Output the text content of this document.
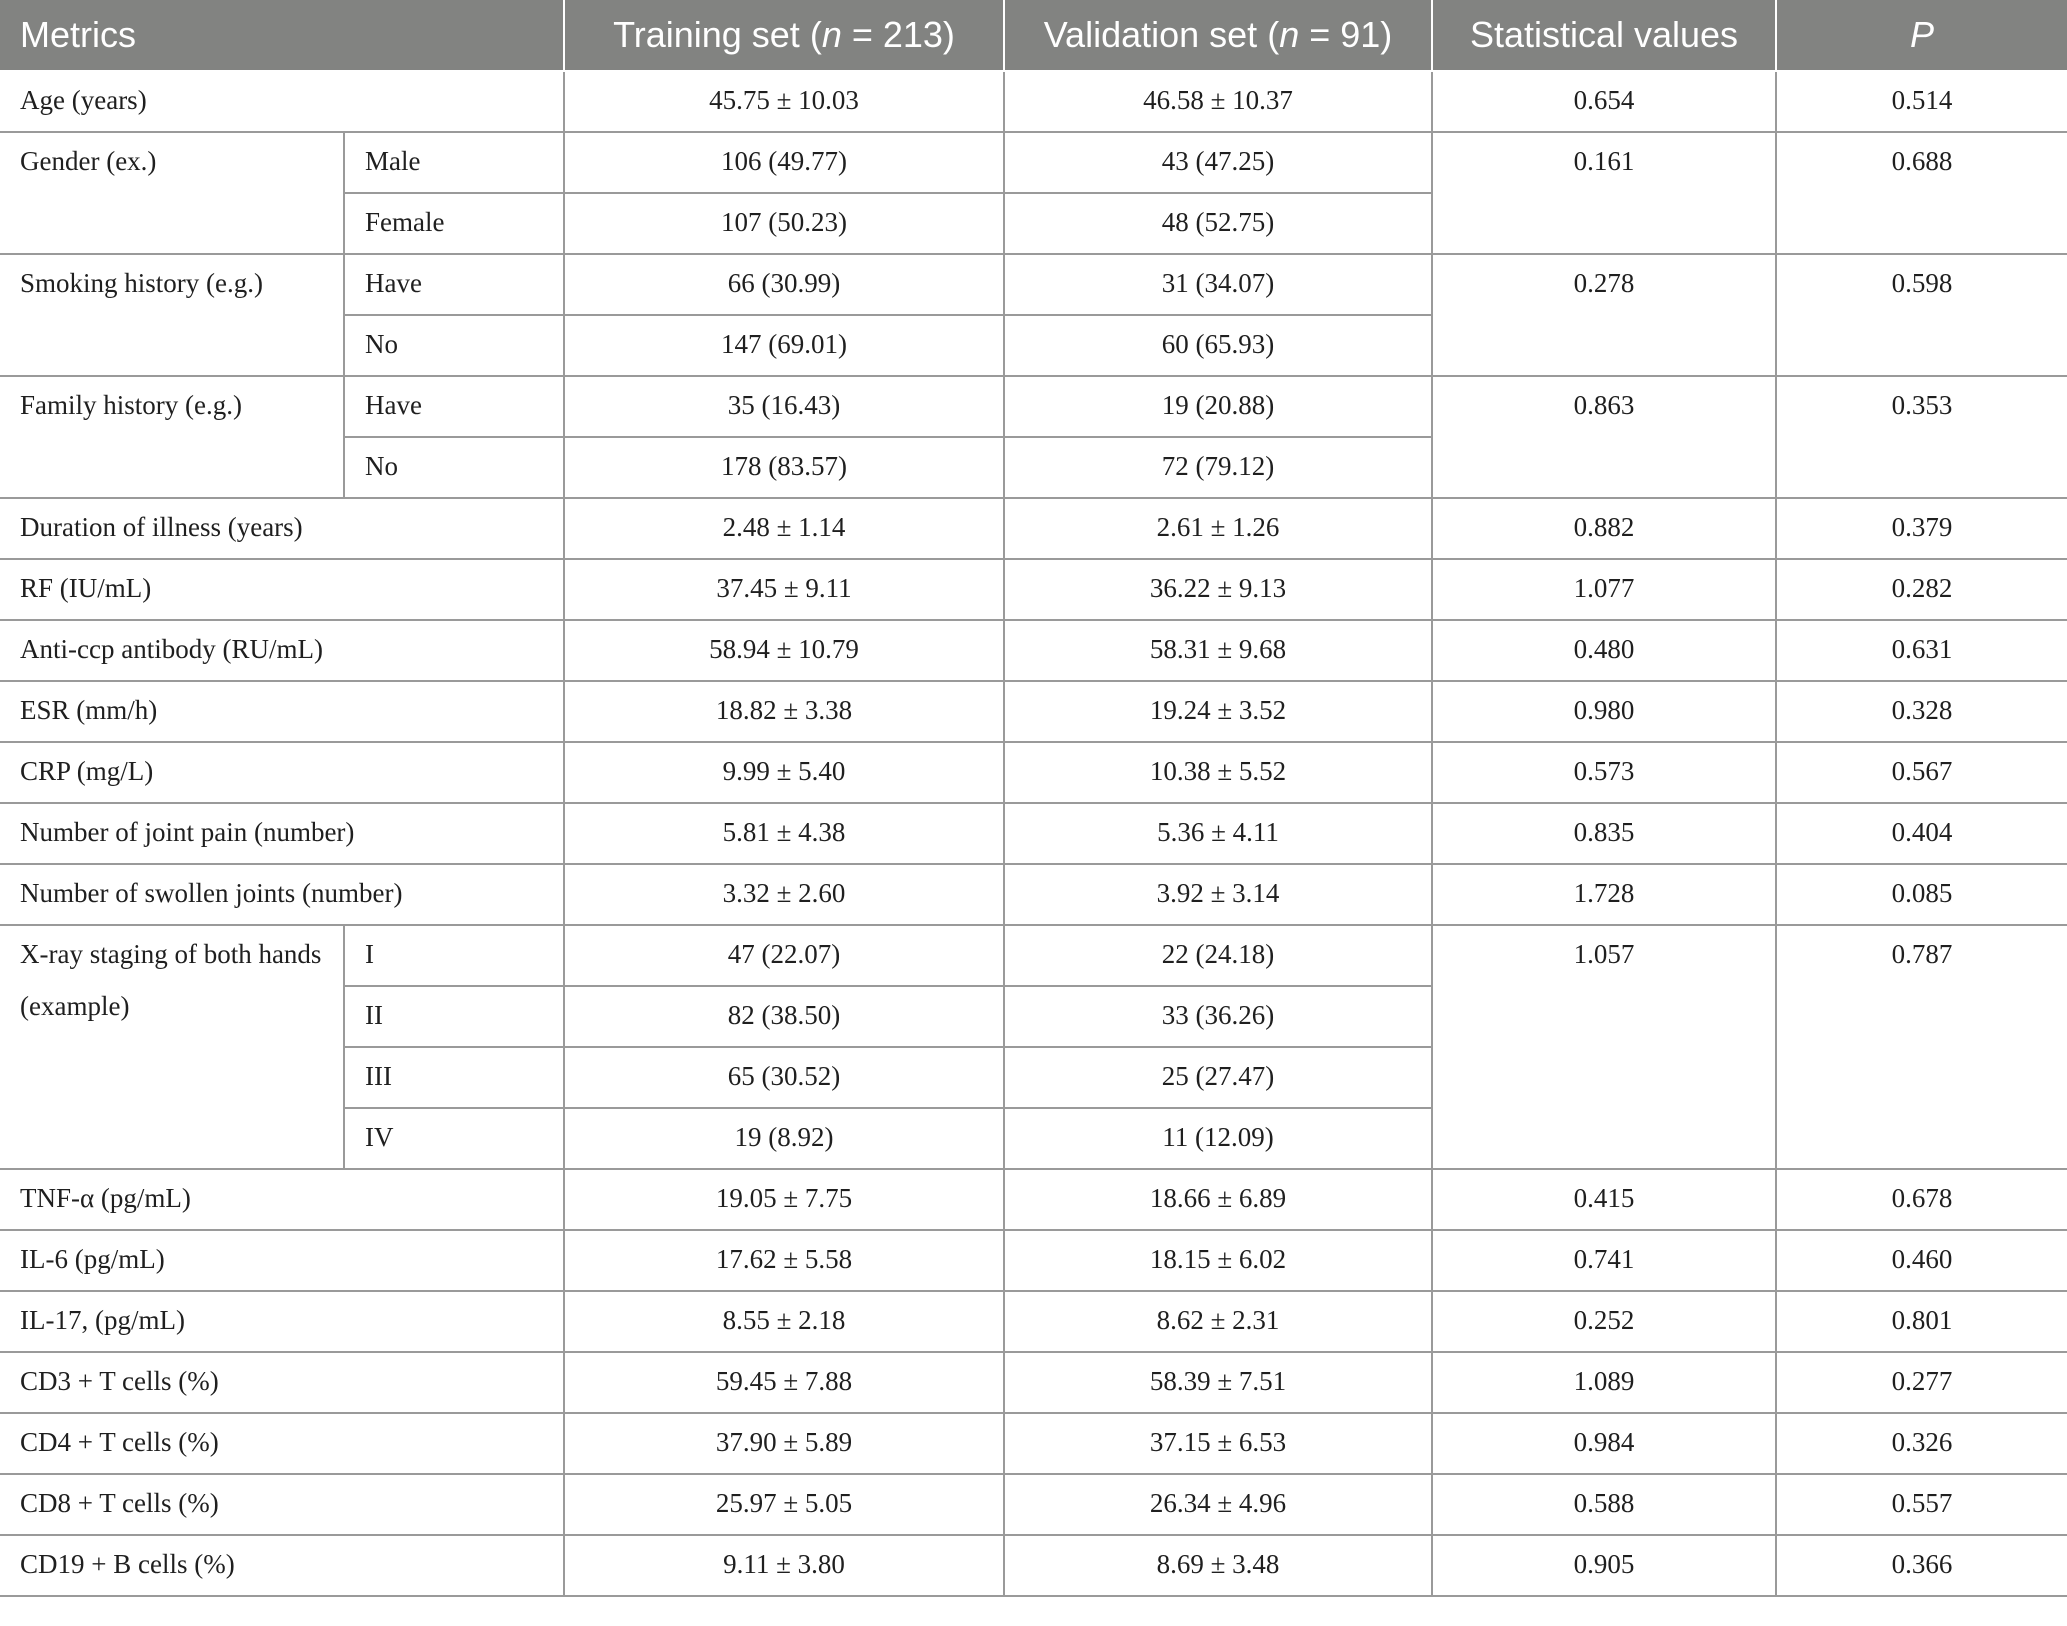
Metrics		Training set (n = 213)	Validation set (n = 91)	Statistical values	P
Age (years)		45.75 ± 10.03	46.58 ± 10.37	0.654	0.514
Gender (ex.)	Male	106 (49.77)	43 (47.25)	0.161	0.688
	Female	107 (50.23)	48 (52.75)		
Smoking history (e.g.)	Have	66 (30.99)	31 (34.07)	0.278	0.598
	No	147 (69.01)	60 (65.93)		
Family history (e.g.)	Have	35 (16.43)	19 (20.88)	0.863	0.353
	No	178 (83.57)	72 (79.12)		
Duration of illness (years)		2.48 ± 1.14	2.61 ± 1.26	0.882	0.379
RF (IU/mL)		37.45 ± 9.11	36.22 ± 9.13	1.077	0.282
Anti-ccp antibody (RU/mL)		58.94 ± 10.79	58.31 ± 9.68	0.480	0.631
ESR (mm/h)		18.82 ± 3.38	19.24 ± 3.52	0.980	0.328
CRP (mg/L)		9.99 ± 5.40	10.38 ± 5.52	0.573	0.567
Number of joint pain (number)		5.81 ± 4.38	5.36 ± 4.11	0.835	0.404
Number of swollen joints (number)		3.32 ± 2.60	3.92 ± 3.14	1.728	0.085
X-ray staging of both hands (example)	I	47 (22.07)	22 (24.18)	1.057	0.787
	II	82 (38.50)	33 (36.26)		
	III	65 (30.52)	25 (27.47)		
	IV	19 (8.92)	11 (12.09)		
TNF-α (pg/mL)		19.05 ± 7.75	18.66 ± 6.89	0.415	0.678
IL-6 (pg/mL)		17.62 ± 5.58	18.15 ± 6.02	0.741	0.460
IL-17, (pg/mL)		8.55 ± 2.18	8.62 ± 2.31	0.252	0.801
CD3 + T cells (%)		59.45 ± 7.88	58.39 ± 7.51	1.089	0.277
CD4 + T cells (%)		37.90 ± 5.89	37.15 ± 6.53	0.984	0.326
CD8 + T cells (%)		25.97 ± 5.05	26.34 ± 4.96	0.588	0.557
CD19 + B cells (%)		9.11 ± 3.80	8.69 ± 3.48	0.905	0.366
